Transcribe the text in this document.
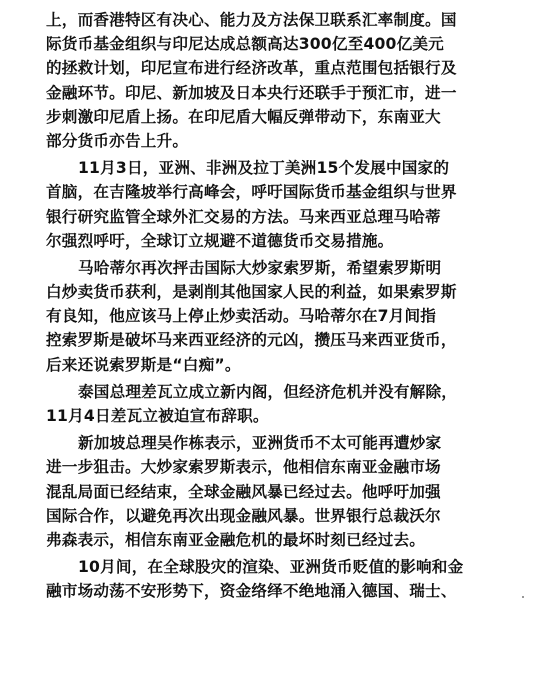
上，而香港特区有决心、能力及方法保卫联系汇率制度。国
际货币基金组织与印尼达成总额高达300亿至400亿美元
的拯救计划，印尼宣布进行经济改革，重点范围包括银行及
金融环节。印尼、新加坡及日本央行还联手于预汇市，进一
步刺激印尼盾上扬。在印尼盾大幅反弹带动下，东南亚大
部分货币亦告上升。
11月3日，亚洲、非洲及拉丁美洲15个发展中国家的
首脑，在吉隆坡举行高峰会，呼吁国际货币基金组织与世界
银行研究监管全球外汇交易的方法。马来西亚总理马哈蒂
尔强烈呼吁，全球订立规避不道德货币交易措施。
马哈蒂尔再次抨击国际大炒家索罗斯，希望索罗斯明
白炒卖货币获利，是剥削其他国家人民的利益，如果索罗斯
有良知，他应该马上停止炒卖活动。马哈蒂尔在7月间指
控索罗斯是破坏马来西亚经济的元凶，攒压马来西亚货币，
后来还说索罗斯是“白痴”。
泰国总理差瓦立成立新内阁，但经济危机并没有解除，
11月4日差瓦立被迫宣布辞职。
新加坡总理吴作栋表示，亚洲货币不太可能再遭炒家
进一步狙击。大炒家索罗斯表示，他相信东南亚金融市场
混乱局面已经结束，全球金融风暴已经过去。他呼吁加强
国际合作，以避免再次出现金融风暴。世界银行总裁沃尔
弗森表示，相信东南亚金融危机的最坏时刻已经过去。
10月间，在全球股灾的渲染、亚洲货币贬值的影响和金
融市场动荡不安形势下，资金络绎不绝地涌入德国、瑞士、
